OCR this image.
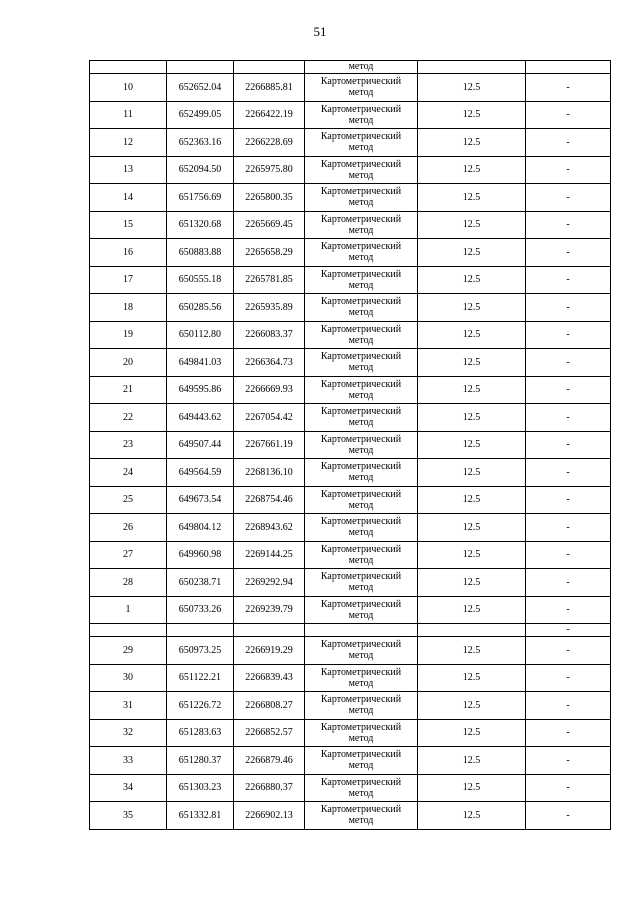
51
			метод		
10	652652.04	2266885.81	Картометрический
метод	12.5	-
11	652499.05	2266422.19	Картометрический
метод	12.5	-
12	652363.16	2266228.69	Картометрический
метод	12.5	-
13	652094.50	2265975.80	Картометрический
метод	12.5	-
14	651756.69	2265800.35	Картометрический
метод	12.5	-
15	651320.68	2265669.45	Картометрический
метод	12.5	-
16	650883.88	2265658.29	Картометрический
метод	12.5	-
17	650555.18	2265781.85	Картометрический
метод	12.5	-
18	650285.56	2265935.89	Картометрический
метод	12.5	-
19	650112.80	2266083.37	Картометрический
метод	12.5	-
20	649841.03	2266364.73	Картометрический
метод	12.5	-
21	649595.86	2266669.93	Картометрический
метод	12.5	-
22	649443.62	2267054.42	Картометрический
метод	12.5	-
23	649507.44	2267661.19	Картометрический
метод	12.5	-
24	649564.59	2268136.10	Картометрический
метод	12.5	-
25	649673.54	2268754.46	Картометрический
метод	12.5	-
26	649804.12	2268943.62	Картометрический
метод	12.5	-
27	649960.98	2269144.25	Картометрический
метод	12.5	-
28	650238.71	2269292.94	Картометрический
метод	12.5	-
1	650733.26	2269239.79	Картометрический
метод	12.5	-
					-
29	650973.25	2266919.29	Картометрический
метод	12.5	-
30	651122.21	2266839.43	Картометрический
метод	12.5	-
31	651226.72	2266808.27	Картометрический
метод	12.5	-
32	651283.63	2266852.57	Картометрический
метод	12.5	-
33	651280.37	2266879.46	Картометрический
метод	12.5	-
34	651303.23	2266880.37	Картометрический
метод	12.5	-
35	651332.81	2266902.13	Картометрический
метод	12.5	-
